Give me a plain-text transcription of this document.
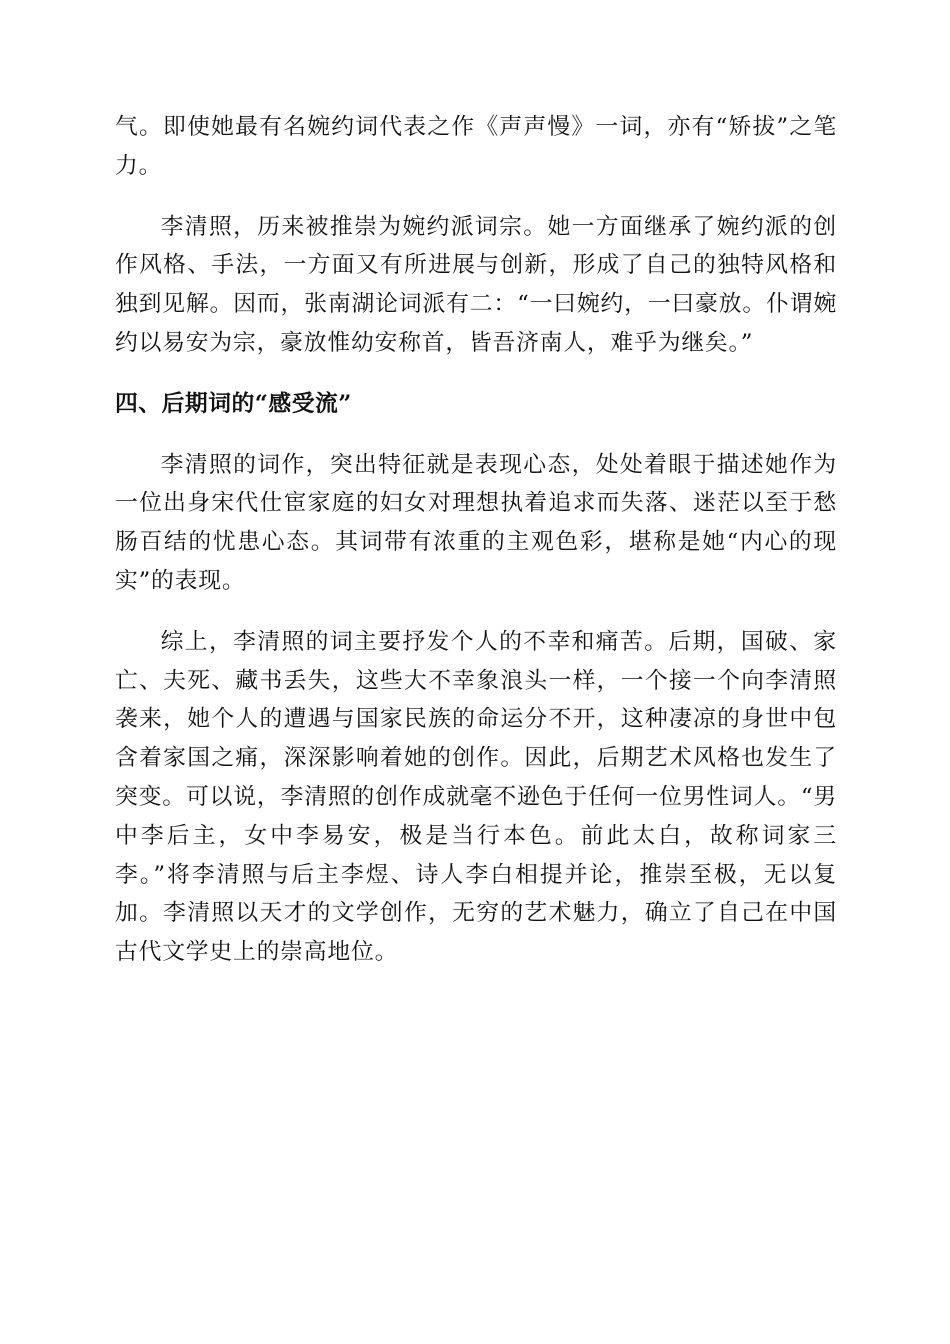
气。即使她最有名婉约词代表之作《声声慢》一词，亦有“矫拔”之笔力。

李清照，历来被推崇为婉约派词宗。她一方面继承了婉约派的创作风格、手法，一方面又有所进展与创新，形成了自己的独特风格和独到见解。因而，张南湖论词派有二：“一曰婉约，一曰豪放。仆谓婉约以易安为宗，豪放惟幼安称首，皆吾济南人，难乎为继矣。”

四、后期词的“感受流”

李清照的词作，突出特征就是表现心态，处处着眼于描述她作为一位出身宋代仕宦家庭的妇女对理想执着追求而失落、迷茫以至于愁肠百结的忧患心态。其词带有浓重的主观色彩，堪称是她“内心的现实”的表现。

综上，李清照的词主要抒发个人的不幸和痛苦。后期，国破、家亡、夫死、藏书丢失，这些大不幸象浪头一样，一个接一个向李清照袭来，她个人的遭遇与国家民族的命运分不开，这种凄凉的身世中包含着家国之痛，深深影响着她的创作。因此，后期艺术风格也发生了突变。可以说，李清照的创作成就毫不逊色于任何一位男性词人。“男中李后主，女中李易安，极是当行本色。前此太白，故称词家三李。”将李清照与后主李煜、诗人李白相提并论，推崇至极，无以复加。李清照以天才的文学创作，无穷的艺术魅力，确立了自己在中国古代文学史上的崇高地位。
